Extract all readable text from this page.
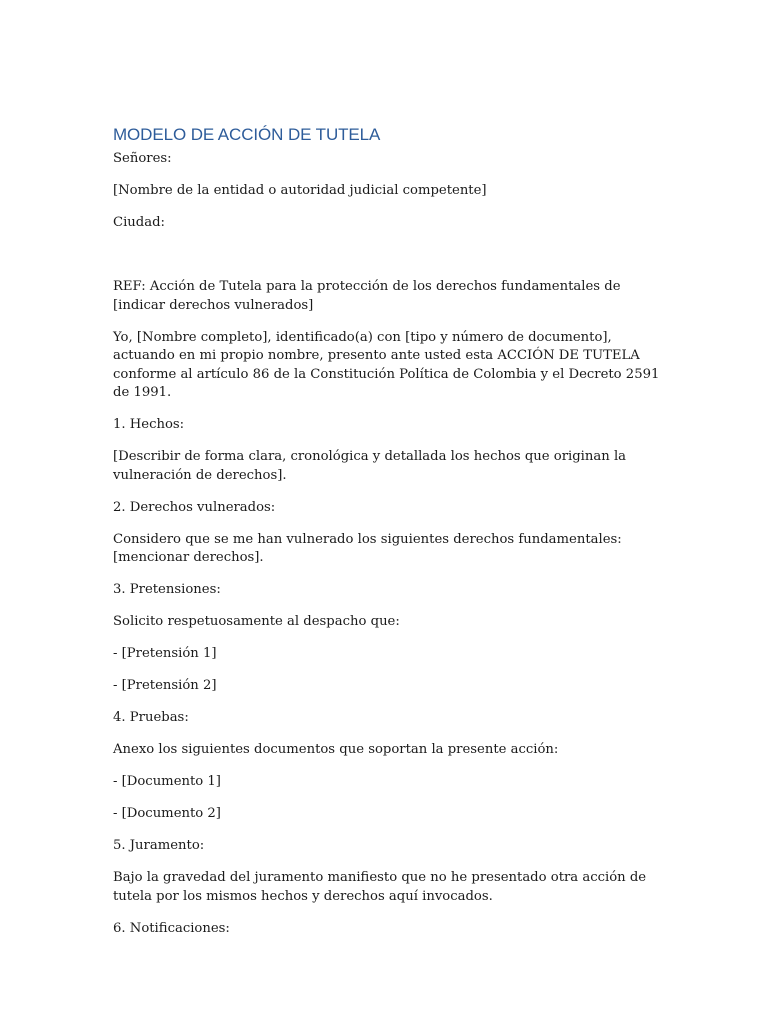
MODELO DE ACCIÓN DE TUTELA

Señores:

[Nombre de la entidad o autoridad judicial competente]

Ciudad:

REF: Acción de Tutela para la protección de los derechos fundamentales de [indicar derechos vulnerados]

Yo, [Nombre completo], identificado(a) con [tipo y número de documento], actuando en mi propio nombre, presento ante usted esta ACCIÓN DE TUTELA conforme al artículo 86 de la Constitución Política de Colombia y el Decreto 2591 de 1991.

1. Hechos:

[Describir de forma clara, cronológica y detallada los hechos que originan la vulneración de derechos].

2. Derechos vulnerados:

Considero que se me han vulnerado los siguientes derechos fundamentales: [mencionar derechos].

3. Pretensiones:

Solicito respetuosamente al despacho que:

- [Pretensión 1]

- [Pretensión 2]

4. Pruebas:

Anexo los siguientes documentos que soportan la presente acción:

- [Documento 1]

- [Documento 2]

5. Juramento:

Bajo la gravedad del juramento manifiesto que no he presentado otra acción de tutela por los mismos hechos y derechos aquí invocados.

6. Notificaciones:
